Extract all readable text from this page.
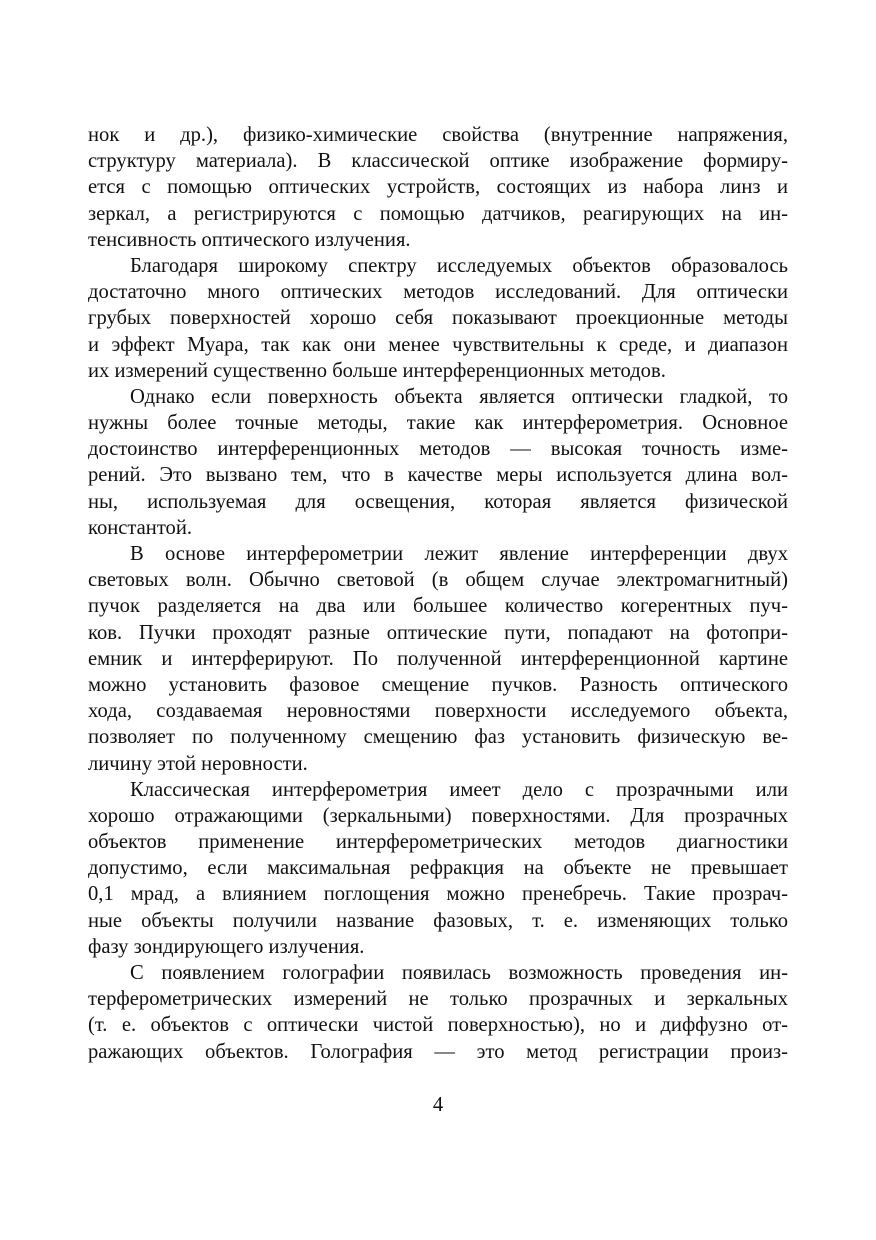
нок и др.), физико-химические свойства (внутренние напряжения,
структуру материала). В классической оптике изображение формиру-
ется с помощью оптических устройств, состоящих из набора линз и
зеркал, а регистрируются с помощью датчиков, реагирующих на ин-
тенсивность оптического излучения.
Благодаря широкому спектру исследуемых объектов образовалось
достаточно много оптических методов исследований. Для оптически
грубых поверхностей хорошо себя показывают проекционные методы
и эффект Муара, так как они менее чувствительны к среде, и диапазон
их измерений существенно больше интерференционных методов.
Однако если поверхность объекта является оптически гладкой, то
нужны более точные методы, такие как интерферометрия. Основное
достоинство интерференционных методов — высокая точность изме-
рений. Это вызвано тем, что в качестве меры используется длина вол-
ны, используемая для освещения, которая является физической
константой.
В основе интерферометрии лежит явление интерференции двух
световых волн. Обычно световой (в общем случае электромагнитный)
пучок разделяется на два или большее количество когерентных пуч-
ков. Пучки проходят разные оптические пути, попадают на фотопри-
емник и интерферируют. По полученной интерференционной картине
можно установить фазовое смещение пучков. Разность оптического
хода, создаваемая неровностями поверхности исследуемого объекта,
позволяет по полученному смещению фаз установить физическую ве-
личину этой неровности.
Классическая интерферометрия имеет дело с прозрачными или
хорошо отражающими (зеркальными) поверхностями. Для прозрачных
объектов применение интерферометрических методов диагностики
допустимо, если максимальная рефракция на объекте не превышает
0,1 мрад, а влиянием поглощения можно пренебречь. Такие прозрач-
ные объекты получили название фазовых, т. е. изменяющих только
фазу зондирующего излучения.
С появлением голографии появилась возможность проведения ин-
терферометрических измерений не только прозрачных и зеркальных
(т. е. объектов с оптически чистой поверхностью), но и диффузно от-
ражающих объектов. Голография — это метод регистрации произ-
4
